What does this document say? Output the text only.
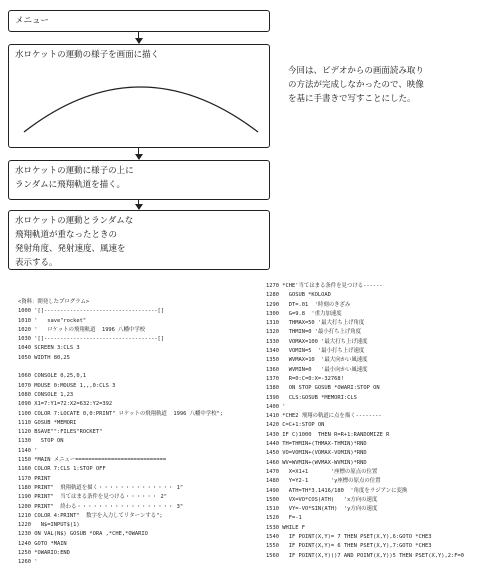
メニュー
水ロケットの運動の様子を画面に描く
水ロケットの運動に様子の上に
ランダムに飛翔軌道を描く。
水ロケットの運動とランダムな
飛翔軌道が重なったときの
発射角度、発射速度、風速を
表示する。
今回は、ビデオからの画面読み取り
の方法が完成しなかったので、映像
を基に手書きで写すことにした。
<資料：開発したプログラム>
1000 '[]-----------------------------------[]
1010 '   save"rocket"
1020 '   ロケットの飛翔軌道  1996 八幡中学校
1030 '[]-----------------------------------[]
1040 SCREEN 3:CLS 3
1050 WIDTH 80,25
1060 CONSOLE 0,25,0,1
1070 MOUSE 0:MOUSE 1,,,0:CLS 3
1080 CONSOLE 1,23
1090 X1=7:Y1=72:X2=632:Y2=392
1100 COLOR 7:LOCATE 0,0:PRINT" ロケットの飛翔軌道  1996 八幡中学校";
1110 GOSUB *MEMORI
1120 BSAVE"":FILES"ROCKET"
1130   STOP ON
1140 '
1150 *MAIN メニュー============================
1160 COLOR 7:CLS 1:STOP OFF
1170 PRINT
1180 PRINT"  飛翔軌道を描く・・・・・・・・・・・・・・ 1"
1190 PRINT"  当てはまる条件を見つける・・・・・・ 2"
1200 PRINT"  終わる・・・・・・・・・・・・・・・・・・ 3"
1210 COLOR 4:PRINT"  数字を入力してリターンする";
1220   N$=INPUT$(1)
1230 ON VAL(N$) GOSUB *ORA ,*CHE,*OWARIO
1240 GOTO *MAIN
1250 *OWARIO:END
1260 '
1270 *CHE'当てはまる条件を見つける------
1280   GOSUB *KOLOAD
1290   DT=.01  '時刻のきざみ
1300   G=9.8  '重力加速度
1310   THMAX=50 '最大打ち上げ角度
1320   THMIN=0 '最小打ち上げ角度
1330   VOMAX=100 '最大打ち上げ速度
1340   VOMIN=5  '最小打ち上げ速度
1350   WVMAX=10  '最大向かい風速度
1360   WVMIN=0   '最小向かい風速度
1370   R=0:C=0:X=-32768!
1380   ON STOP GOSUB *OWARI:STOP ON
1390   CLS:GOSUB *MEMORI:CLS
1400 '
1410 *CHE2 飛翔の軌道に点を描く--------
1420 C=C+1:STOP ON
1430 IF C)1000  THEN R=R+1:RANDOMIZE R
1440 TH=THMIN+(THMAX-THMIN)*RND
1450 VO=VOMIN+(VOMAX-VOMIN)*RND
1460 WV=WVMIN+(WVMAX-WVMIN)*RND
1470   X=X1+1       '座標の原点の位置
1480   Y=Y2-1       'y座標の原点の位置
1490   ATH=TH*3.1416/180  '角度をラジアンに変換
1500   VX=VO*COS(ATH)   'x方向の速度
1510   VY=-VO*SIN(ATH)  'y方向の速度
1520   F=-1
1530 WHILE F
1540   IF POINT(X,Y)= 7 THEN PSET(X,Y),6:GOTO *CHE3
1550   IF POINT(X,Y)= 6 THEN PSET(X,Y),7:GOTO *CHE3
1560   IF POINT(X,Y)()7 AND POINT(X,Y))5 THEN PSET(X,Y),2:F=0
